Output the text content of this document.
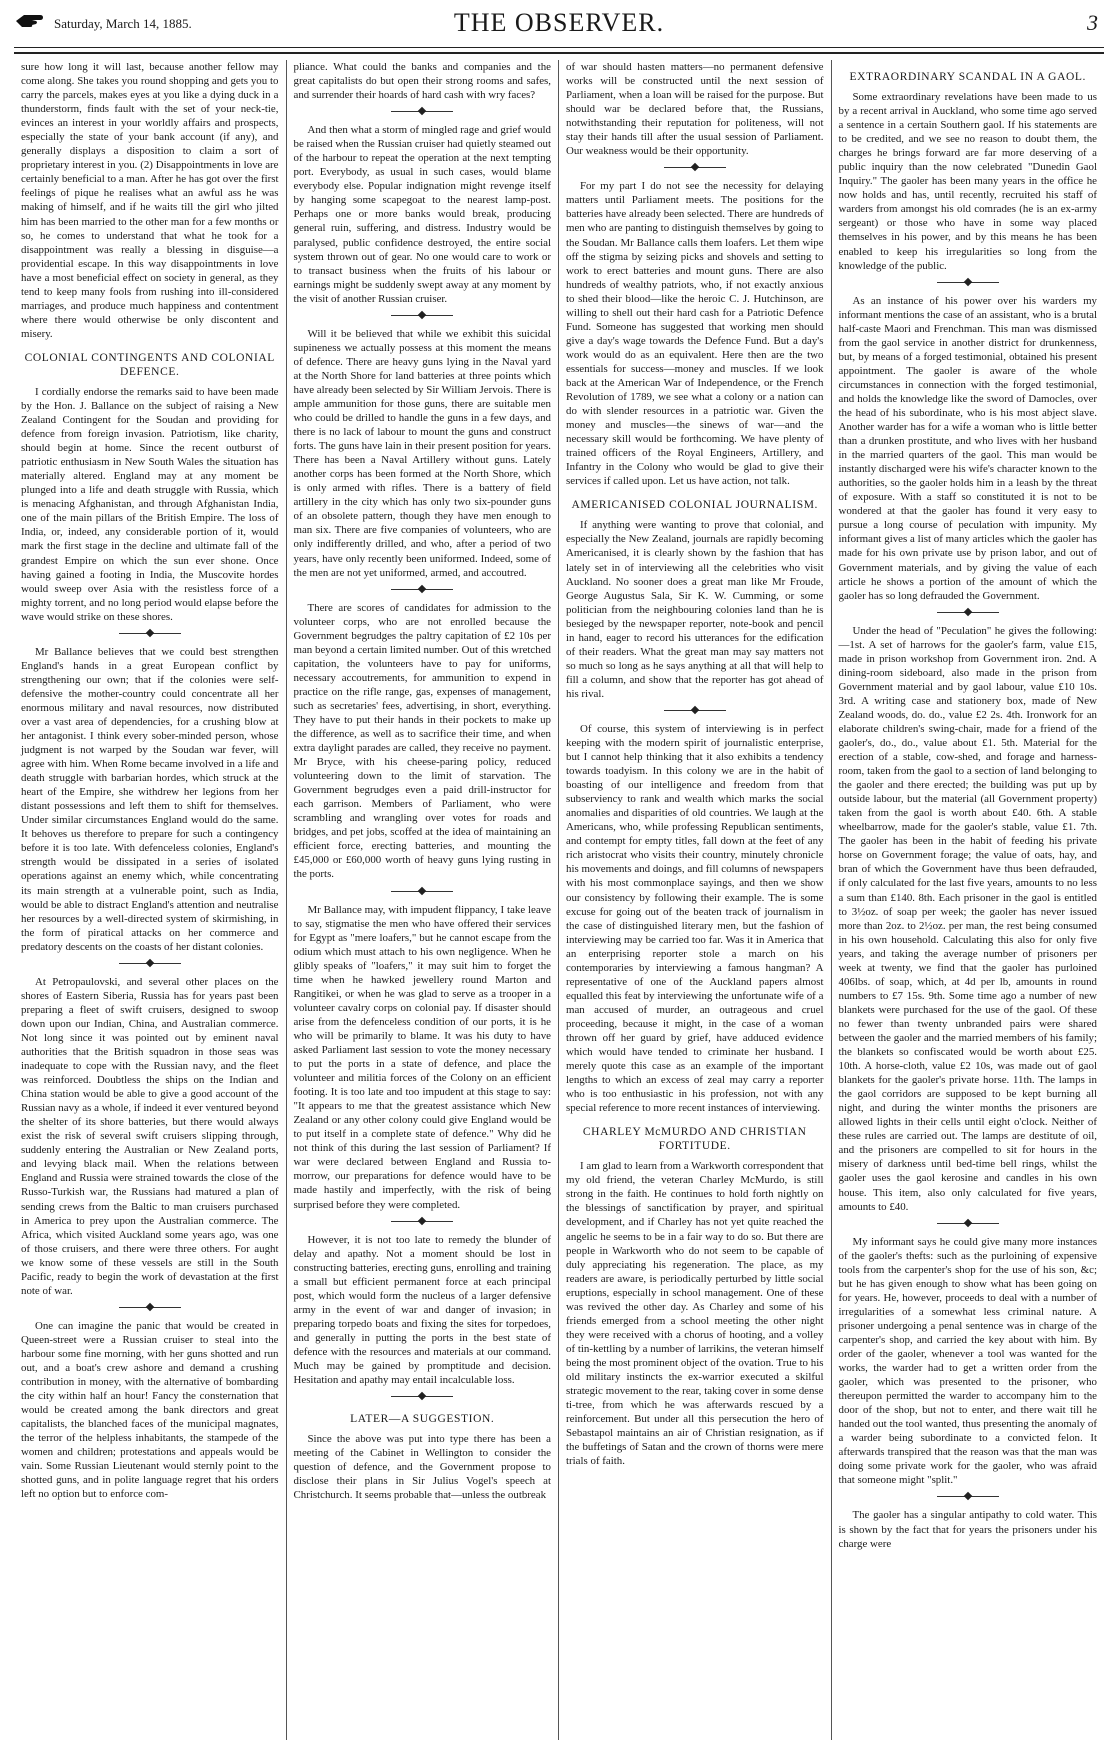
Saturday, March 14, 1885.	THE OBSERVER.	3

sure how long it will last, because another fellow may come along. She takes you round shopping and gets you to carry the parcels, makes eyes at you like a dying duck in a thunderstorm, finds fault with the set of your neck-tie, evinces an interest in your worldly affairs and prospects, especially the state of your bank account (if any), and generally displays a disposition to claim a sort of proprietary interest in you. (2) Disappointments in love are certainly beneficial to a man. After he has got over the first feelings of pique he realises what an awful ass he was making of himself, and if he waits till the girl who jilted him has been married to the other man for a few months or so, he comes to understand that what he took for a disappointment was really a blessing in disguise—a providential escape. In this way disappointments in love have a most beneficial effect on society in general, as they tend to keep many fools from rushing into ill-considered marriages, and produce much happiness and contentment where there would otherwise be only discontent and misery.

COLONIAL CONTINGENTS AND COLONIAL DEFENCE.

I cordially endorse the remarks said to have been made by the Hon. J. Ballance on the subject of raising a New Zealand Contingent for the Soudan and providing for defence from foreign invasion. Patriotism, like charity, should begin at home. Since the recent outburst of patriotic enthusiasm in New South Wales the situation has materially altered. England may at any moment be plunged into a life and death struggle with Russia, which is menacing Afghanistan, and through Afghanistan India, one of the main pillars of the British Empire. The loss of India, or, indeed, any considerable portion of it, would mark the first stage in the decline and ultimate fall of the grandest Empire on which the sun ever shone. Once having gained a footing in India, the Muscovite hordes would sweep over Asia with the resistless force of a mighty torrent, and no long period would elapse before the wave would strike on these shores.

Mr Ballance believes that we could best strengthen England's hands in a great European conflict by strengthening our own; that if the colonies were self-defensive the mother-country could concentrate all her enormous military and naval resources, now distributed over a vast area of dependencies, for a crushing blow at her antagonist. I think every sober-minded person, whose judgment is not warped by the Soudan war fever, will agree with him. When Rome became involved in a life and death struggle with barbarian hordes, which struck at the heart of the Empire, she withdrew her legions from her distant possessions and left them to shift for themselves. Under similar circumstances England would do the same. It behoves us therefore to prepare for such a contingency before it is too late. With defenceless colonies, England's strength would be dissipated in a series of isolated operations against an enemy which, while concentrating its main strength at a vulnerable point, such as India, would be able to distract England's attention and neutralise her resources by a well-directed system of skirmishing, in the form of piratical attacks on her commerce and predatory descents on the coasts of her distant colonies.

At Petropaulovski, and several other places on the shores of Eastern Siberia, Russia has for years past been preparing a fleet of swift cruisers, designed to swoop down upon our Indian, China, and Australian commerce. Not long since it was pointed out by eminent naval authorities that the British squadron in those seas was inadequate to cope with the Russian navy, and the fleet was reinforced. Doubtless the ships on the Indian and China station would be able to give a good account of the Russian navy as a whole, if indeed it ever ventured beyond the shelter of its shore batteries, but there would always exist the risk of several swift cruisers slipping through, suddenly entering the Australian or New Zealand ports, and levying black mail. When the relations between England and Russia were strained towards the close of the Russo-Turkish war, the Russians had matured a plan of sending crews from the Baltic to man cruisers purchased in America to prey upon the Australian commerce. The Africa, which visited Auckland some years ago, was one of those cruisers, and there were three others. For aught we know some of these vessels are still in the South Pacific, ready to begin the work of devastation at the first note of war.

One can imagine the panic that would be created in Queen-street were a Russian cruiser to steal into the harbour some fine morning, with her guns shotted and run out, and a boat's crew ashore and demand a crushing contribution in money, with the alternative of bombarding the city within half an hour! Fancy the consternation that would be created among the bank directors and great capitalists, the blanched faces of the municipal magnates, the terror of the helpless inhabitants, the stampede of the women and children; protestations and appeals would be vain. Some Russian Lieutenant would sternly point to the shotted guns, and in polite language regret that his orders left no option but to enforce com-

pliance. What could the banks and companies and the great capitalists do but open their strong rooms and safes, and surrender their hoards of hard cash with wry faces?

And then what a storm of mingled rage and grief would be raised when the Russian cruiser had quietly steamed out of the harbour to repeat the operation at the next tempting port. Everybody, as usual in such cases, would blame everybody else. Popular indignation might revenge itself by hanging some scapegoat to the nearest lamp-post. Perhaps one or more banks would break, producing general ruin, suffering, and distress. Industry would be paralysed, public confidence destroyed, the entire social system thrown out of gear. No one would care to work or to transact business when the fruits of his labour or earnings might be suddenly swept away at any moment by the visit of another Russian cruiser.

Will it be believed that while we exhibit this suicidal supineness we actually possess at this moment the means of defence. There are heavy guns lying in the Naval yard at the North Shore for land batteries at three points which have already been selected by Sir William Jervois. There is ample ammunition for those guns, there are suitable men who could be drilled to handle the guns in a few days, and there is no lack of labour to mount the guns and construct forts. The guns have lain in their present position for years. There has been a Naval Artillery without guns. Lately another corps has been formed at the North Shore, which is only armed with rifles. There is a battery of field artillery in the city which has only two six-pounder guns of an obsolete pattern, though they have men enough to man six. There are five companies of volunteers, who are only indifferently drilled, and who, after a period of two years, have only recently been uniformed. Indeed, some of the men are not yet uniformed, armed, and accoutred.

There are scores of candidates for admission to the volunteer corps, who are not enrolled because the Government begrudges the paltry capitation of £2 10s per man beyond a certain limited number. Out of this wretched capitation, the volunteers have to pay for uniforms, necessary accoutrements, for ammunition to expend in practice on the rifle range, gas, expenses of management, such as secretaries' fees, advertising, in short, everything. They have to put their hands in their pockets to make up the difference, as well as to sacrifice their time, and when extra daylight parades are called, they receive no payment. Mr Bryce, with his cheese-paring policy, reduced volunteering down to the limit of starvation. The Government begrudges even a paid drill-instructor for each garrison. Members of Parliament, who were scrambling and wrangling over votes for roads and bridges, and pet jobs, scoffed at the idea of maintaining an efficient force, erecting batteries, and mounting the £45,000 or £60,000 worth of heavy guns lying rusting in the ports.

Mr Ballance may, with impudent flippancy, I take leave to say, stigmatise the men who have offered their services for Egypt as "mere loafers," but he cannot escape from the odium which must attach to his own negligence. When he glibly speaks of "loafers," it may suit him to forget the time when he hawked jewellery round Marton and Rangitikei, or when he was glad to serve as a trooper in a volunteer cavalry corps on colonial pay. If disaster should arise from the defenceless condition of our ports, it is he who will be primarily to blame. It was his duty to have asked Parliament last session to vote the money necessary to put the ports in a state of defence, and place the volunteer and militia forces of the Colony on an efficient footing. It is too late and too impudent at this stage to say: "It appears to me that the greatest assistance which New Zealand or any other colony could give England would be to put itself in a complete state of defence." Why did he not think of this during the last session of Parliament? If war were declared between England and Russia to-morrow, our preparations for defence would have to be made hastily and imperfectly, with the risk of being surprised before they were completed.

However, it is not too late to remedy the blunder of delay and apathy. Not a moment should be lost in constructing batteries, erecting guns, enrolling and training a small but efficient permanent force at each principal post, which would form the nucleus of a larger defensive army in the event of war and danger of invasion; in preparing torpedo boats and fixing the sites for torpedoes, and generally in putting the ports in the best state of defence with the resources and materials at our command. Much may be gained by promptitude and decision. Hesitation and apathy may entail incalculable loss.

LATER—A SUGGESTION.

Since the above was put into type there has been a meeting of the Cabinet in Wellington to consider the question of defence, and the Government propose to disclose their plans in Sir Julius Vogel's speech at Christchurch. It seems probable that—unless the outbreak

of war should hasten matters—no permanent defensive works will be constructed until the next session of Parliament, when a loan will be raised for the purpose. But should war be declared before that, the Russians, notwithstanding their reputation for politeness, will not stay their hands till after the usual session of Parliament. Our weakness would be their opportunity.

For my part I do not see the necessity for delaying matters until Parliament meets. The positions for the batteries have already been selected. There are hundreds of men who are panting to distinguish themselves by going to the Soudan. Mr Ballance calls them loafers. Let them wipe off the stigma by seizing picks and shovels and setting to work to erect batteries and mount guns. There are also hundreds of wealthy patriots, who, if not exactly anxious to shed their blood—like the heroic C. J. Hutchinson, are willing to shell out their hard cash for a Patriotic Defence Fund. Someone has suggested that working men should give a day's wage towards the Defence Fund. But a day's work would do as an equivalent. Here then are the two essentials for success—money and muscles. If we look back at the American War of Independence, or the French Revolution of 1789, we see what a colony or a nation can do with slender resources in a patriotic war. Given the money and muscles—the sinews of war—and the necessary skill would be forthcoming. We have plenty of trained officers of the Royal Engineers, Artillery, and Infantry in the Colony who would be glad to give their services if called upon. Let us have action, not talk.

AMERICANISED COLONIAL JOURNALISM.

If anything were wanting to prove that colonial, and especially the New Zealand, journals are rapidly becoming Americanised, it is clearly shown by the fashion that has lately set in of interviewing all the celebrities who visit Auckland. No sooner does a great man like Mr Froude, George Augustus Sala, Sir K. W. Cumming, or some politician from the neighbouring colonies land than he is besieged by the newspaper reporter, note-book and pencil in hand, eager to record his utterances for the edification of their readers. What the great man may say matters not so much so long as he says anything at all that will help to fill a column, and show that the reporter has got ahead of his rival.

Of course, this system of interviewing is in perfect keeping with the modern spirit of journalistic enterprise, but I cannot help thinking that it also exhibits a tendency towards toadyism. In this colony we are in the habit of boasting of our intelligence and freedom from that subserviency to rank and wealth which marks the social anomalies and disparities of old countries. We laugh at the Americans, who, while professing Republican sentiments, and contempt for empty titles, fall down at the feet of any rich aristocrat who visits their country, minutely chronicle his movements and doings, and fill columns of newspapers with his most commonplace sayings, and then we show our consistency by following their example. The is some excuse for going out of the beaten track of journalism in the case of distinguished literary men, but the fashion of interviewing may be carried too far. Was it in America that an enterprising reporter stole a march on his contemporaries by interviewing a famous hangman? A representative of one of the Auckland papers almost equalled this feat by interviewing the unfortunate wife of a man accused of murder, an outrageous and cruel proceeding, because it might, in the case of a woman thrown off her guard by grief, have adduced evidence which would have tended to criminate her husband. I merely quote this case as an example of the important lengths to which an excess of zeal may carry a reporter who is too enthusiastic in his profession, not with any special reference to more recent instances of interviewing.

CHARLEY McMURDO AND CHRISTIAN FORTITUDE.

I am glad to learn from a Warkworth correspondent that my old friend, the veteran Charley McMurdo, is still strong in the faith. He continues to hold forth nightly on the blessings of sanctification by prayer, and spiritual development, and if Charley has not yet quite reached the angelic he seems to be in a fair way to do so. But there are people in Warkworth who do not seem to be capable of duly appreciating his regeneration. The place, as my readers are aware, is periodically perturbed by little social eruptions, especially in school management. One of these was revived the other day. As Charley and some of his friends emerged from a school meeting the other night they were received with a chorus of hooting, and a volley of tin-kettling by a number of larrikins, the veteran himself being the most prominent object of the ovation. True to his old military instincts the ex-warrior executed a skilful strategic movement to the rear, taking cover in some dense ti-tree, from which he was afterwards rescued by a reinforcement. But under all this persecution the hero of Sebastapol maintains an air of Christian resignation, as if the buffetings of Satan and the crown of thorns were mere trials of faith.

EXTRAORDINARY SCANDAL IN A GAOL.

Some extraordinary revelations have been made to us by a recent arrival in Auckland, who some time ago served a sentence in a certain Southern gaol. If his statements are to be credited, and we see no reason to doubt them, the charges he brings forward are far more deserving of a public inquiry than the now celebrated "Dunedin Gaol Inquiry." The gaoler has been many years in the office he now holds and has, until recently, recruited his staff of warders from amongst his old comrades (he is an ex-army sergeant) or those who have in some way placed themselves in his power, and by this means he has been enabled to keep his irregularities so long from the knowledge of the public.

As an instance of his power over his warders my informant mentions the case of an assistant, who is a brutal half-caste Maori and Frenchman. This man was dismissed from the gaol service in another district for drunkenness, but, by means of a forged testimonial, obtained his present appointment. The gaoler is aware of the whole circumstances in connection with the forged testimonial, and holds the knowledge like the sword of Damocles, over the head of his subordinate, who is his most abject slave. Another warder has for a wife a woman who is little better than a drunken prostitute, and who lives with her husband in the married quarters of the gaol. This man would be instantly discharged were his wife's character known to the authorities, so the gaoler holds him in a leash by the threat of exposure. With a staff so constituted it is not to be wondered at that the gaoler has found it very easy to pursue a long course of peculation with impunity. My informant gives a list of many articles which the gaoler has made for his own private use by prison labor, and out of Government materials, and by giving the value of each article he shows a portion of the amount of which the gaoler has so long defrauded the Government.

Under the head of "Peculation" he gives the following:—1st. A set of harrows for the gaoler's farm, value £15, made in prison workshop from Government iron. 2nd. A dining-room sideboard, also made in the prison from Government material and by gaol labour, value £10 10s. 3rd. A writing case and stationery box, made of New Zealand woods, do. do., value £2 2s. 4th. Ironwork for an elaborate children's swing-chair, made for a friend of the gaoler's, do., do., value about £1. 5th. Material for the erection of a stable, cow-shed, and forage and harness-room, taken from the gaol to a section of land belonging to the gaoler and there erected; the building was put up by outside labour, but the material (all Government property) taken from the gaol is worth about £40. 6th. A stable wheelbarrow, made for the gaoler's stable, value £1. 7th. The gaoler has been in the habit of feeding his private horse on Government forage; the value of oats, hay, and bran of which the Government have thus been defrauded, if only calculated for the last five years, amounts to no less a sum than £140. 8th. Each prisoner in the gaol is entitled to 3½oz. of soap per week; the gaoler has never issued more than 2oz. to 2½oz. per man, the rest being consumed in his own household. Calculating this also for only five years, and taking the average number of prisoners per week at twenty, we find that the gaoler has purloined 406lbs. of soap, which, at 4d per lb, amounts in round numbers to £7 15s. 9th. Some time ago a number of new blankets were purchased for the use of the gaol. Of these no fewer than twenty unbranded pairs were shared between the gaoler and the married members of his family; the blankets so confiscated would be worth about £25. 10th. A horse-cloth, value £2 10s, was made out of gaol blankets for the gaoler's private horse. 11th. The lamps in the gaol corridors are supposed to be kept burning all night, and during the winter months the prisoners are allowed lights in their cells until eight o'clock. Neither of these rules are carried out. The lamps are destitute of oil, and the prisoners are compelled to sit for hours in the misery of darkness until bed-time bell rings, whilst the gaoler uses the gaol kerosine and candles in his own house. This item, also only calculated for five years, amounts to £40.

My informant says he could give many more instances of the gaoler's thefts: such as the purloining of expensive tools from the carpenter's shop for the use of his son, &c; but he has given enough to show what has been going on for years. He, however, proceeds to deal with a number of irregularities of a somewhat less criminal nature. A prisoner undergoing a penal sentence was in charge of the carpenter's shop, and carried the key about with him. By order of the gaoler, whenever a tool was wanted for the works, the warder had to get a written order from the gaoler, which was presented to the prisoner, who thereupon permitted the warder to accompany him to the door of the shop, but not to enter, and there wait till he handed out the tool wanted, thus presenting the anomaly of a warder being subordinate to a convicted felon. It afterwards transpired that the reason was that the man was doing some private work for the gaoler, who was afraid that someone might "split."

The gaoler has a singular antipathy to cold water. This is shown by the fact that for years the prisoners under his charge were
